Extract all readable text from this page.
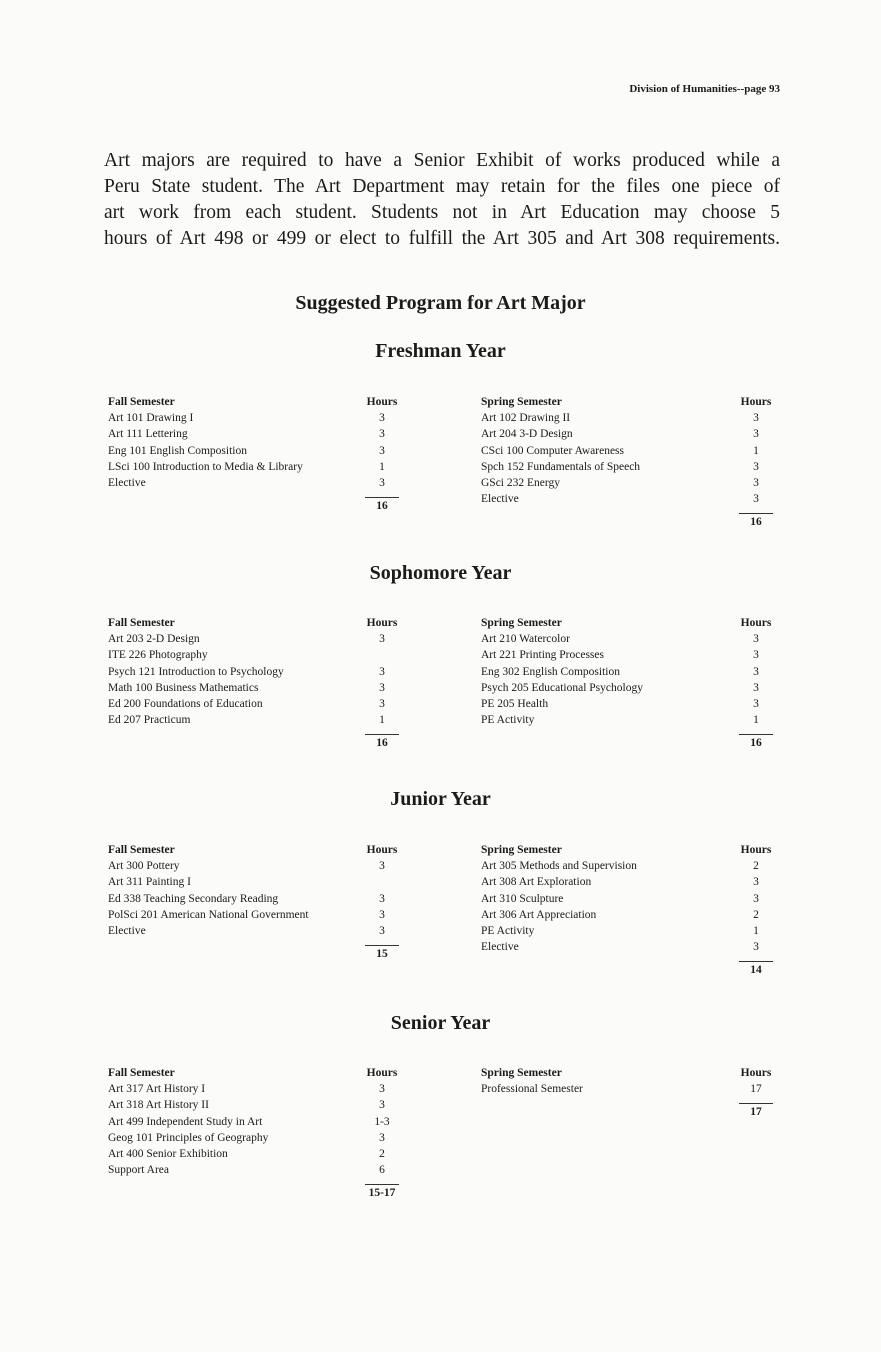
Division of Humanities--page 93
Art majors are required to have a Senior Exhibit of works produced while a
Peru State student. The Art Department may retain for the files one piece of
art work from each student. Students not in Art Education may choose 5
hours of Art 498 or 499 or elect to fulfill the Art 305 and Art 308 requirements.
Suggested Program for Art Major
Freshman Year
Fall Semester
Art 101 Drawing I
Art 111 Lettering
Eng 101 English Composition
LSci 100 Introduction to Media & Library
Elective
Hours
3
3
3
1
3
16
Spring Semester
Art 102 Drawing II
Art 204 3-D Design
CSci 100 Computer Awareness
Spch 152 Fundamentals of Speech
GSci 232 Energy
Elective
Hours
3
3
1
3
3
3
16
Sophomore Year
Fall Semester
Art 203 2-D Design
ITE 226 Photography
Psych 121 Introduction to Psychology
Math 100 Business Mathematics
Ed 200 Foundations of Education
Ed 207 Practicum
Hours
3
3
3
3
1
16
Spring Semester
Art 210 Watercolor
Art 221 Printing Processes
Eng 302 English Composition
Psych 205 Educational Psychology
PE 205 Health
PE Activity
Hours
3
3
3
3
3
1
16
Junior Year
Fall Semester
Art 300 Pottery
Art 311 Painting I
Ed 338 Teaching Secondary Reading
PolSci 201 American National Government
Elective
Hours
3
3
3
3
15
Spring Semester
Art 305 Methods and Supervision
Art 308 Art Exploration
Art 310 Sculpture
Art 306 Art Appreciation
PE Activity
Elective
Hours
2
3
3
2
1
3
14
Senior Year
Fall Semester
Art 317 Art History I
Art 318 Art History II
Art 499 Independent Study in Art
Geog 101 Principles of Geography
Art 400 Senior Exhibition
Support Area
Hours
3
3
1-3
3
2
6
15-17
Spring Semester
Professional Semester
Hours
17
17
